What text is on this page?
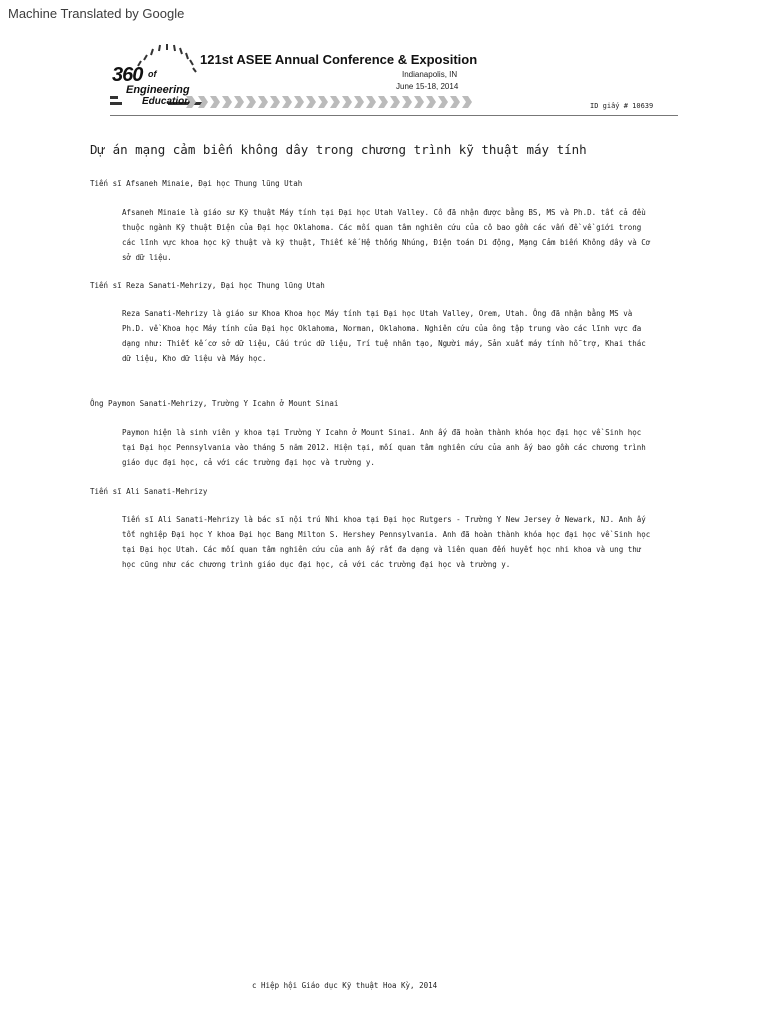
Machine Translated by Google
360 of
Engineering
Education
121st ASEE Annual Conference & Exposition
Indianapolis, IN
June 15-18, 2014
ID giấy # 10639
Dự án mạng cảm biến không dây trong chương trình kỹ thuật máy tính
Tiến sĩ Afsaneh Minaie, Đại học Thung lũng Utah
Afsaneh Minaie là giáo sư Kỹ thuật Máy tính tại Đại học Utah Valley. Cô đã nhận được bằng BS, MS và Ph.D. tất cả đều thuộc ngành Kỹ thuật Điện của Đại học Oklahoma. Các mối quan tâm nghiên cứu của cô bao gồm các vấn đề về giới trong các lĩnh vực khoa học kỹ thuật và kỹ thuật, Thiết kế Hệ thống Nhúng, Điện toán Di động, Mạng Cảm biến Không dây và Cơ sở dữ liệu.
Tiến sĩ Reza Sanati-Mehrizy, Đại học Thung lũng Utah
Reza Sanati-Mehrizy là giáo sư Khoa Khoa học Máy tính tại Đại học Utah Valley, Orem, Utah. Ông đã nhận bằng MS và Ph.D. về Khoa học Máy tính của Đại học Oklahoma, Norman, Oklahoma. Nghiên cứu của ông tập trung vào các lĩnh vực đa dạng như: Thiết kế cơ sở dữ liệu, Cấu trúc dữ liệu, Trí tuệ nhân tạo, Người máy, Sản xuất máy tính hỗ trợ, Khai thác dữ liệu, Kho dữ liệu và Máy học.
Ông Paymon Sanati-Mehrizy, Trường Y Icahn ở Mount Sinai
Paymon hiện là sinh viên y khoa tại Trường Y Icahn ở Mount Sinai. Anh ấy đã hoàn thành khóa học đại học về Sinh học tại Đại học Pennsylvania vào tháng 5 năm 2012. Hiện tại, mối quan tâm nghiên cứu của anh ấy bao gồm các chương trình giáo dục đại học, cả với các trường đại học và trường y.
Tiến sĩ Ali Sanati-Mehrizy
Tiến sĩ Ali Sanati-Mehrizy là bác sĩ nội trú Nhi khoa tại Đại học Rutgers - Trường Y New Jersey ở Newark, NJ. Anh ấy tốt nghiệp Đại học Y khoa Đại học Bang Milton S. Hershey Pennsylvania. Anh đã hoàn thành khóa học đại học về Sinh học tại Đại học Utah. Các mối quan tâm nghiên cứu của anh ấy rất đa dạng và liên quan đến huyết học nhi khoa và ung thư học cũng như các chương trình giáo dục đại học, cả với các trường đại học và trường y.
c Hiệp hội Giáo dục Kỹ thuật Hoa Kỳ, 2014
